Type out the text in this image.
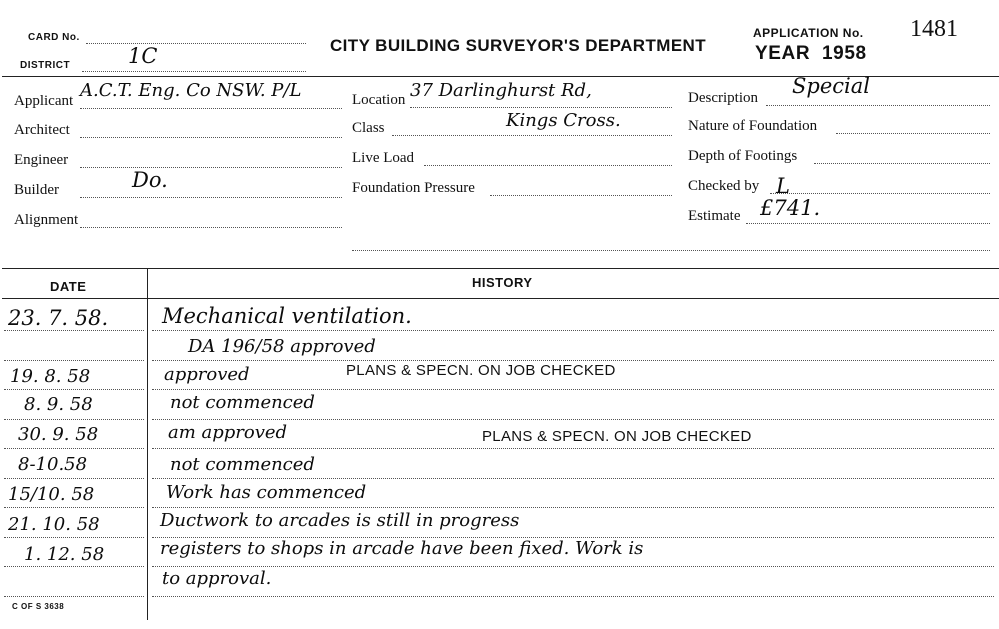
CARD No.
DISTRICT	1C	CITY BUILDING SURVEYOR'S DEPARTMENT
APPLICATION No. 1481
YEAR 1958
Applicant A.C.T. Eng. Co NSW. P/L
Architect
Engineer
Builder	Do.
Alignment
Location 37 Darlinghurst Rd,
Class	Kings Cross.
Live Load
Foundation Pressure
Description Special
Nature of Foundation
Depth of Footings
Checked by L
Estimate £741.
DATE	HISTORY
23. 7. 58.	Mechanical ventilation.
DA 196/58 approved
19. 8. 58	approved	PLANS & SPECN. ON JOB CHECKED
8. 9. 58	not commenced
30. 9. 58	am approved	PLANS & SPECN. ON JOB CHECKED
8-10.58	not commenced
15/10. 58	Work has commenced
21. 10. 58	Ductwork to arcades is still in progress
1. 12. 58	registers to shops in arcade have been fixed. Work is
to approval.
C OF S 3638
